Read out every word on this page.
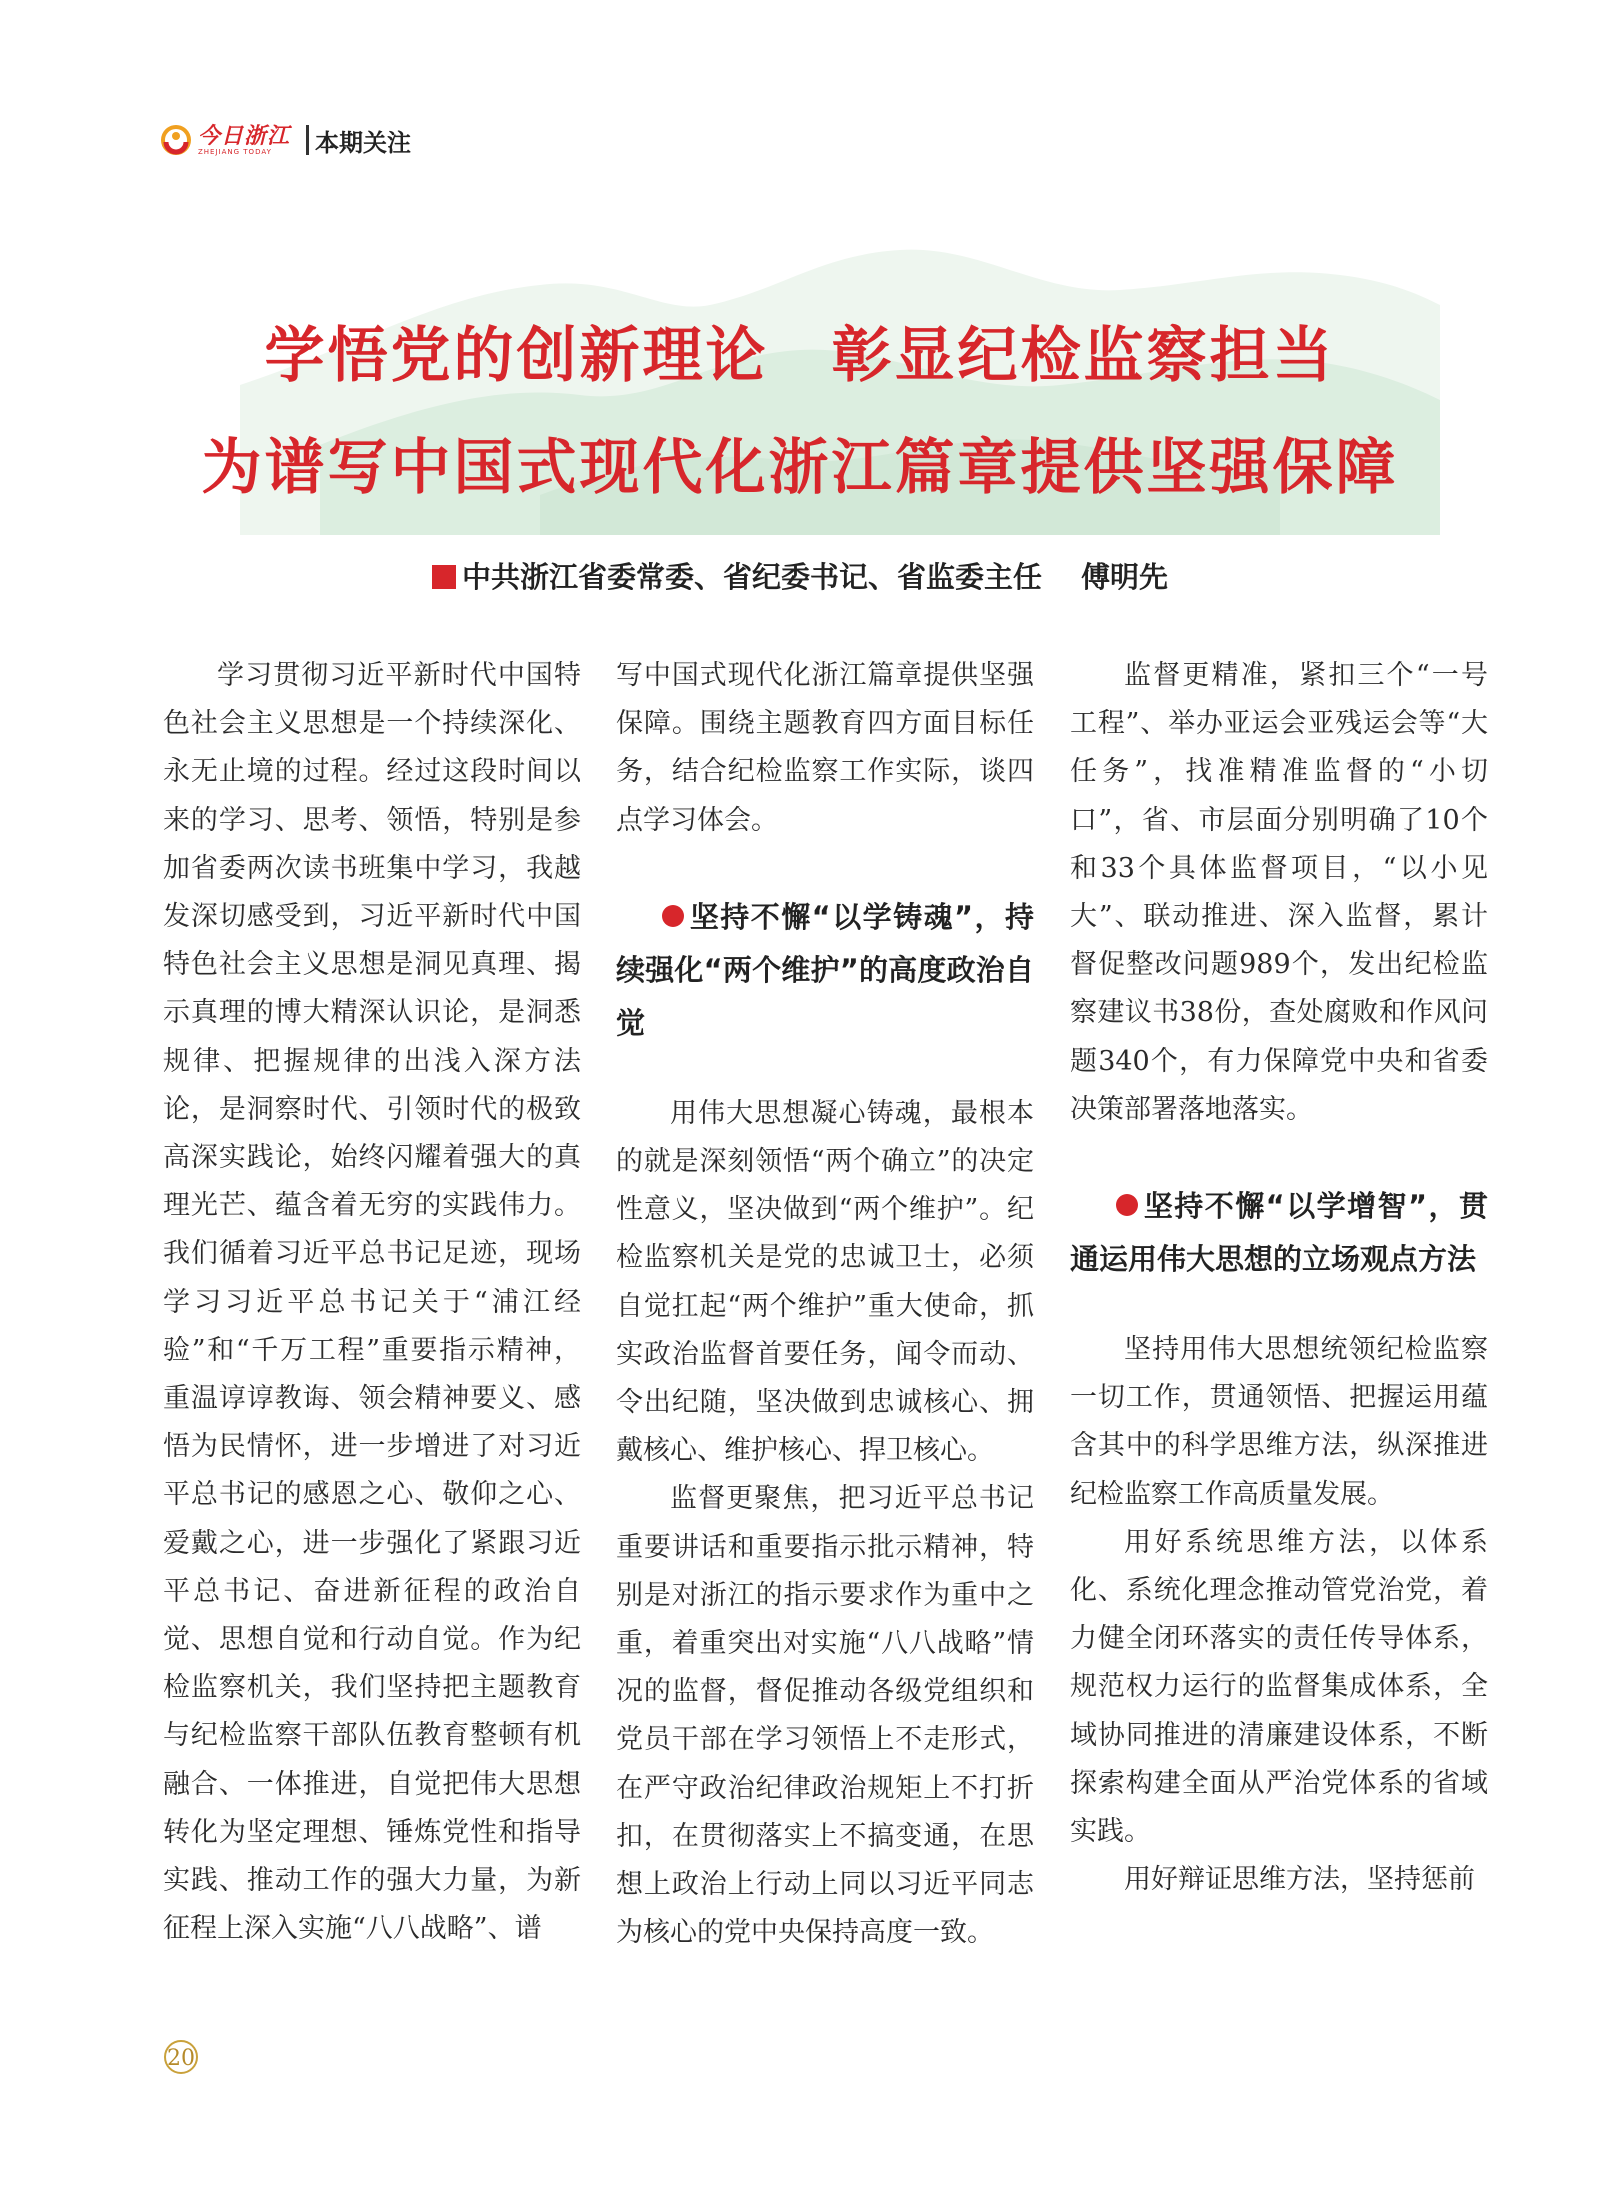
今日浙江
ZHEJIANG TODAY	本期关注
学悟党的创新理论　彰显纪检监察担当
为谱写中国式现代化浙江篇章提供坚强保障
中共浙江省委常委、省纪委书记、省监委主任　 傅明先

学习贯彻习近平新时代中国特色社会主义思想是一个持续深化、永无止境的过程。经过这段时间以来的学习、思考、领悟，特别是参加省委两次读书班集中学习，我越发深切感受到，习近平新时代中国特色社会主义思想是洞见真理、揭示真理的博大精深认识论，是洞悉规律、把握规律的出浅入深方法论，是洞察时代、引领时代的极致高深实践论，始终闪耀着强大的真理光芒、蕴含着无穷的实践伟力。我们循着习近平总书记足迹，现场学习习近平总书记关于“浦江经验”和“千万工程”重要指示精神，重温谆谆教诲、领会精神要义、感悟为民情怀，进一步增进了对习近平总书记的感恩之心、敬仰之心、爱戴之心，进一步强化了紧跟习近平总书记、奋进新征程的政治自觉、思想自觉和行动自觉。作为纪检监察机关，我们坚持把主题教育与纪检监察干部队伍教育整顿有机融合、一体推进，自觉把伟大思想转化为坚定理想、锤炼党性和指导实践、推动工作的强大力量，为新征程上深入实施“八八战略”、谱

写中国式现代化浙江篇章提供坚强保障。围绕主题教育四方面目标任务，结合纪检监察工作实际，谈四点学习体会。

坚持不懈“以学铸魂”，持续强化“两个维护”的高度政治自觉

用伟大思想凝心铸魂，最根本的就是深刻领悟“两个确立”的决定性意义，坚决做到“两个维护”。纪检监察机关是党的忠诚卫士，必须自觉扛起“两个维护”重大使命，抓实政治监督首要任务，闻令而动、令出纪随，坚决做到忠诚核心、拥戴核心、维护核心、捍卫核心。

监督更聚焦，把习近平总书记重要讲话和重要指示批示精神，特别是对浙江的指示要求作为重中之重，着重突出对实施“八八战略”情况的监督，督促推动各级党组织和党员干部在学习领悟上不走形式，在严守政治纪律政治规矩上不打折扣，在贯彻落实上不搞变通，在思想上政治上行动上同以习近平同志为核心的党中央保持高度一致。

监督更精准，紧扣三个“一号工程”、举办亚运会亚残运会等“大任务”，找准精准监督的“小切口”，省、市层面分别明确了10个和33个具体监督项目，“以小见大”、联动推进、深入监督，累计督促整改问题989个，发出纪检监察建议书38份，查处腐败和作风问题340个，有力保障党中央和省委决策部署落地落实。

坚持不懈“以学增智”，贯通运用伟大思想的立场观点方法

坚持用伟大思想统领纪检监察一切工作，贯通领悟、把握运用蕴含其中的科学思维方法，纵深推进纪检监察工作高质量发展。

用好系统思维方法，以体系化、系统化理念推动管党治党，着力健全闭环落实的责任传导体系，规范权力运行的监督集成体系，全域协同推进的清廉建设体系，不断探索构建全面从严治党体系的省域实践。

用好辩证思维方法，坚持惩前

20
